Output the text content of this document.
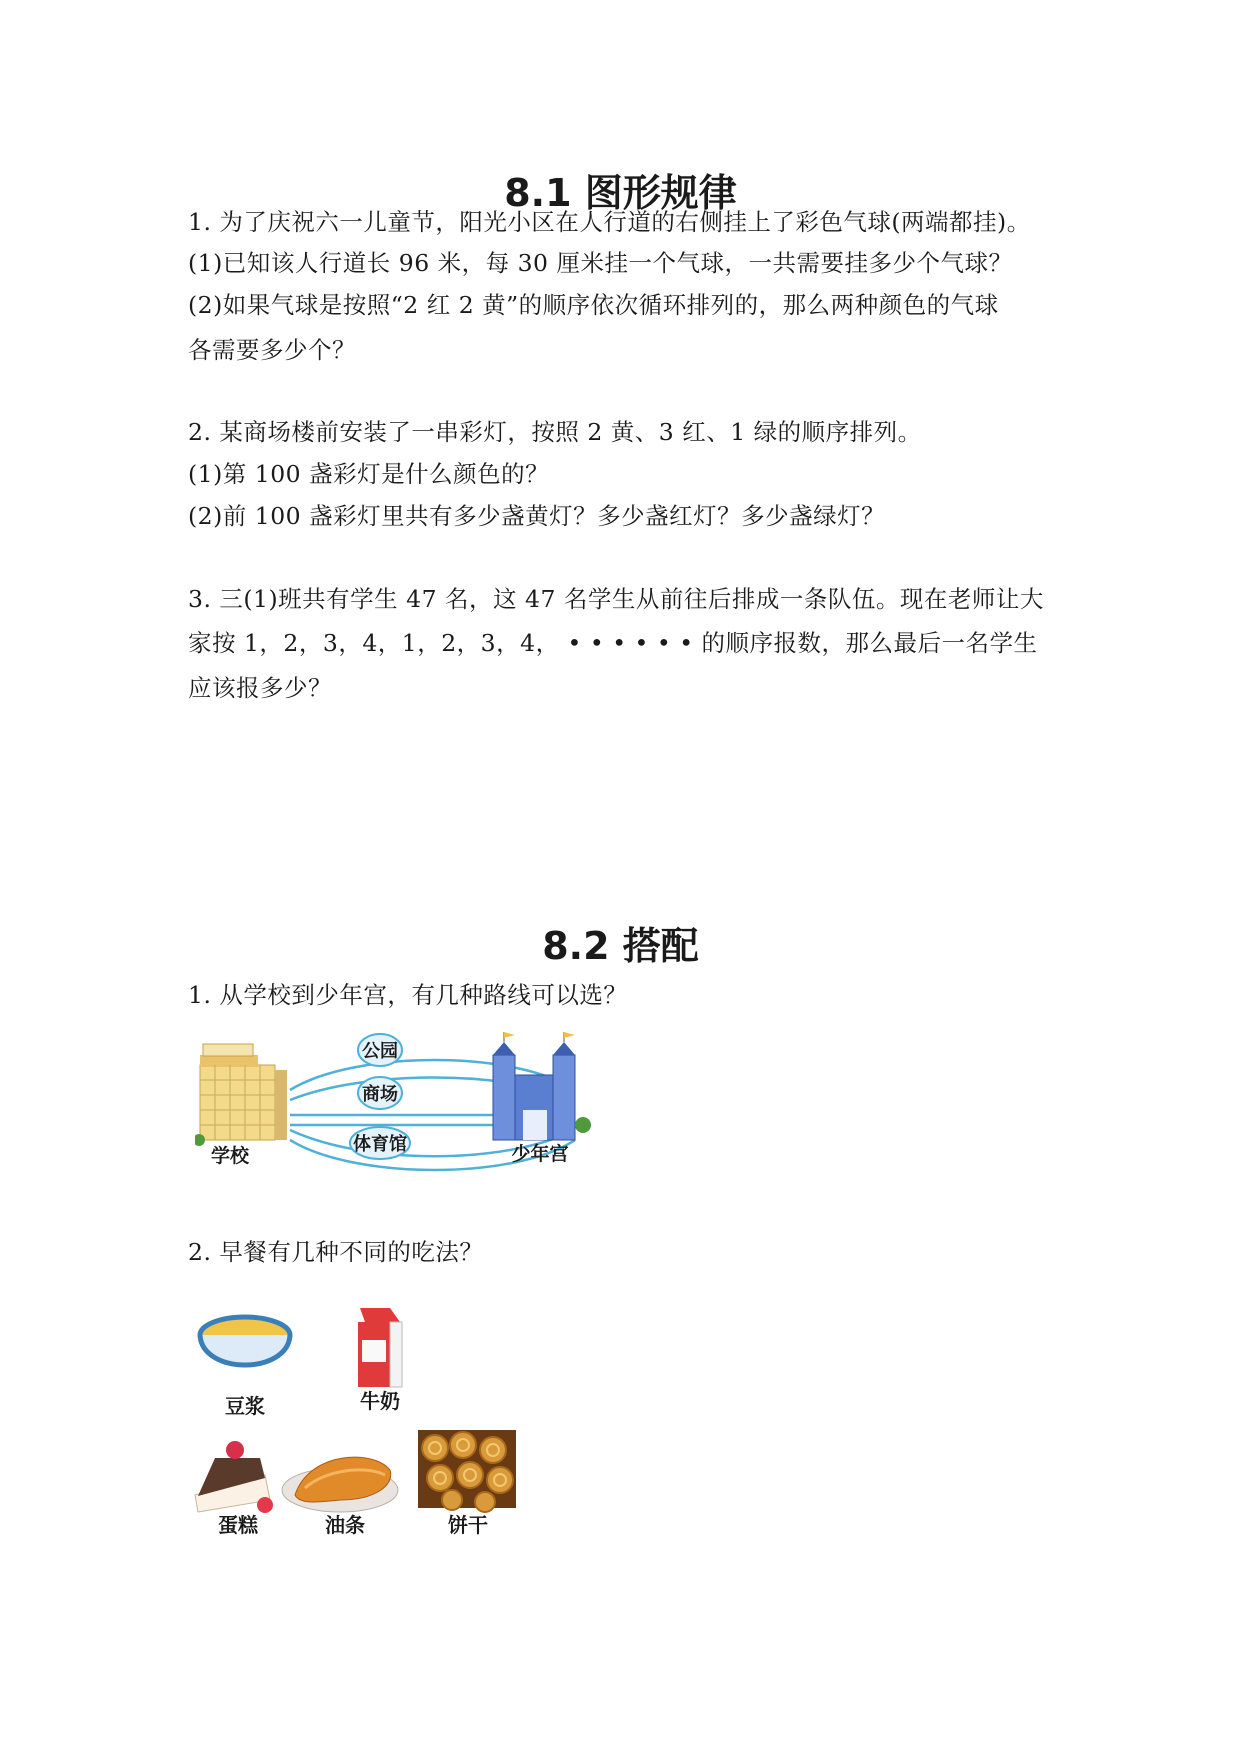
8.1 图形规律
1. 为了庆祝六一儿童节，阳光小区在人行道的右侧挂上了彩色气球(两端都挂)。
(1)已知该人行道长 96 米，每 30 厘米挂一个气球，一共需要挂多少个气球？
(2)如果气球是按照“2 红 2 黄”的顺序依次循环排列的，那么两种颜色的气球
各需要多少个？
2. 某商场楼前安装了一串彩灯，按照 2 黄、3 红、1 绿的顺序排列。
(1)第 100 盏彩灯是什么颜色的？
(2)前 100 盏彩灯里共有多少盏黄灯？多少盏红灯？多少盏绿灯？
3. 三(1)班共有学生 47 名，这 47 名学生从前往后排成一条队伍。现在老师让大
家按 1，2，3，4，1，2，3，4， • • • • • • 的顺序报数，那么最后一名学生
应该报多少？
8.2 搭配
1. 从学校到少年宫，有几种路线可以选？
公园
商场
体育馆
学校	少年宫
2. 早餐有几种不同的吃法？
豆浆	牛奶
蛋糕	油条	饼干
